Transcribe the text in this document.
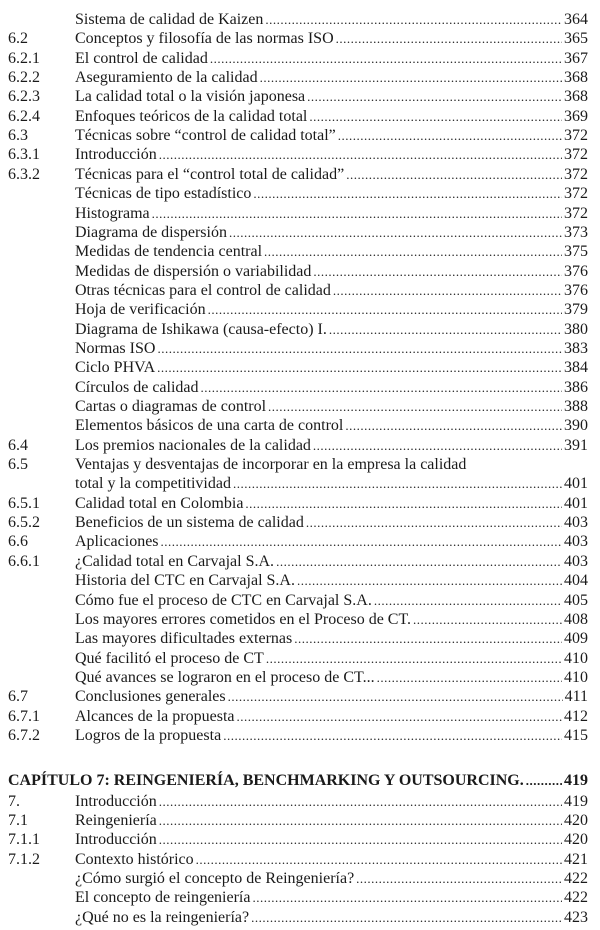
Sistema de calidad de Kaizen .....	364
6.2	Conceptos y filosofía de las normas ISO .....	365
6.2.1 El control de calidad .....	367
6.2.2 Aseguramiento de la calidad .....	368
6.2.3 La calidad total o la visión japonesa .....	368
6.2.4 Enfoques teóricos de la calidad total .....	369
6.3	Técnicas sobre “control de calidad total” .....	372
6.3.1 Introducción .....	372
6.3.2 Técnicas para el “control total de calidad” .....	372
Técnicas de tipo estadístico .....	372
Histograma .....	372
Diagrama de dispersión .....	373
Medidas de tendencia central .....	375
Medidas de dispersión o variabilidad .....	376
Otras técnicas para el control de calidad .....	376
Hoja de verificación .....	379
Diagrama de Ishikawa (causa-efecto) I. .....	380
Normas ISO .....	383
Ciclo PHVA .....	384
Círculos de calidad .....	386
Cartas o diagramas de control .....	388
Elementos básicos de una carta de control .....	390
6.4	Los premios nacionales de la calidad .....	391
6.5	Ventajas y desventajas de incorporar en la empresa la calidad
total y la competitividad .....	401
6.5.1 Calidad total en Colombia .....	401
6.5.2 Beneficios de un sistema de calidad .....	403
6.6	Aplicaciones .....	403
6.6.1 ¿Calidad total en Carvajal S.A. .....	403
Historia del CTC en Carvajal S.A. .....	404
Cómo fue el proceso de CTC en Carvajal S.A. .....	405
Los mayores errores cometidos en el Proceso de CT. .....	408
Las mayores dificultades externas .....	409
Qué facilitó el proceso de CT .....	410
Qué avances se lograron en el proceso de CT... .....	410
6.7	Conclusiones generales .....	411
6.7.1 Alcances de la propuesta .....	412
6.7.2 Logros de la propuesta .....	415
CAPÍTULO 7: REINGENIERÍA, BENCHMARKING Y OUTSOURCING. .....	419
7.	Introducción .....	419
7.1	Reingeniería .....	420
7.1.1 Introducción .....	420
7.1.2 Contexto histórico .....	421
¿Cómo surgió el concepto de Reingeniería? .....	422
El concepto de reingeniería .....	422
¿Qué no es la reingeniería? .....	423
